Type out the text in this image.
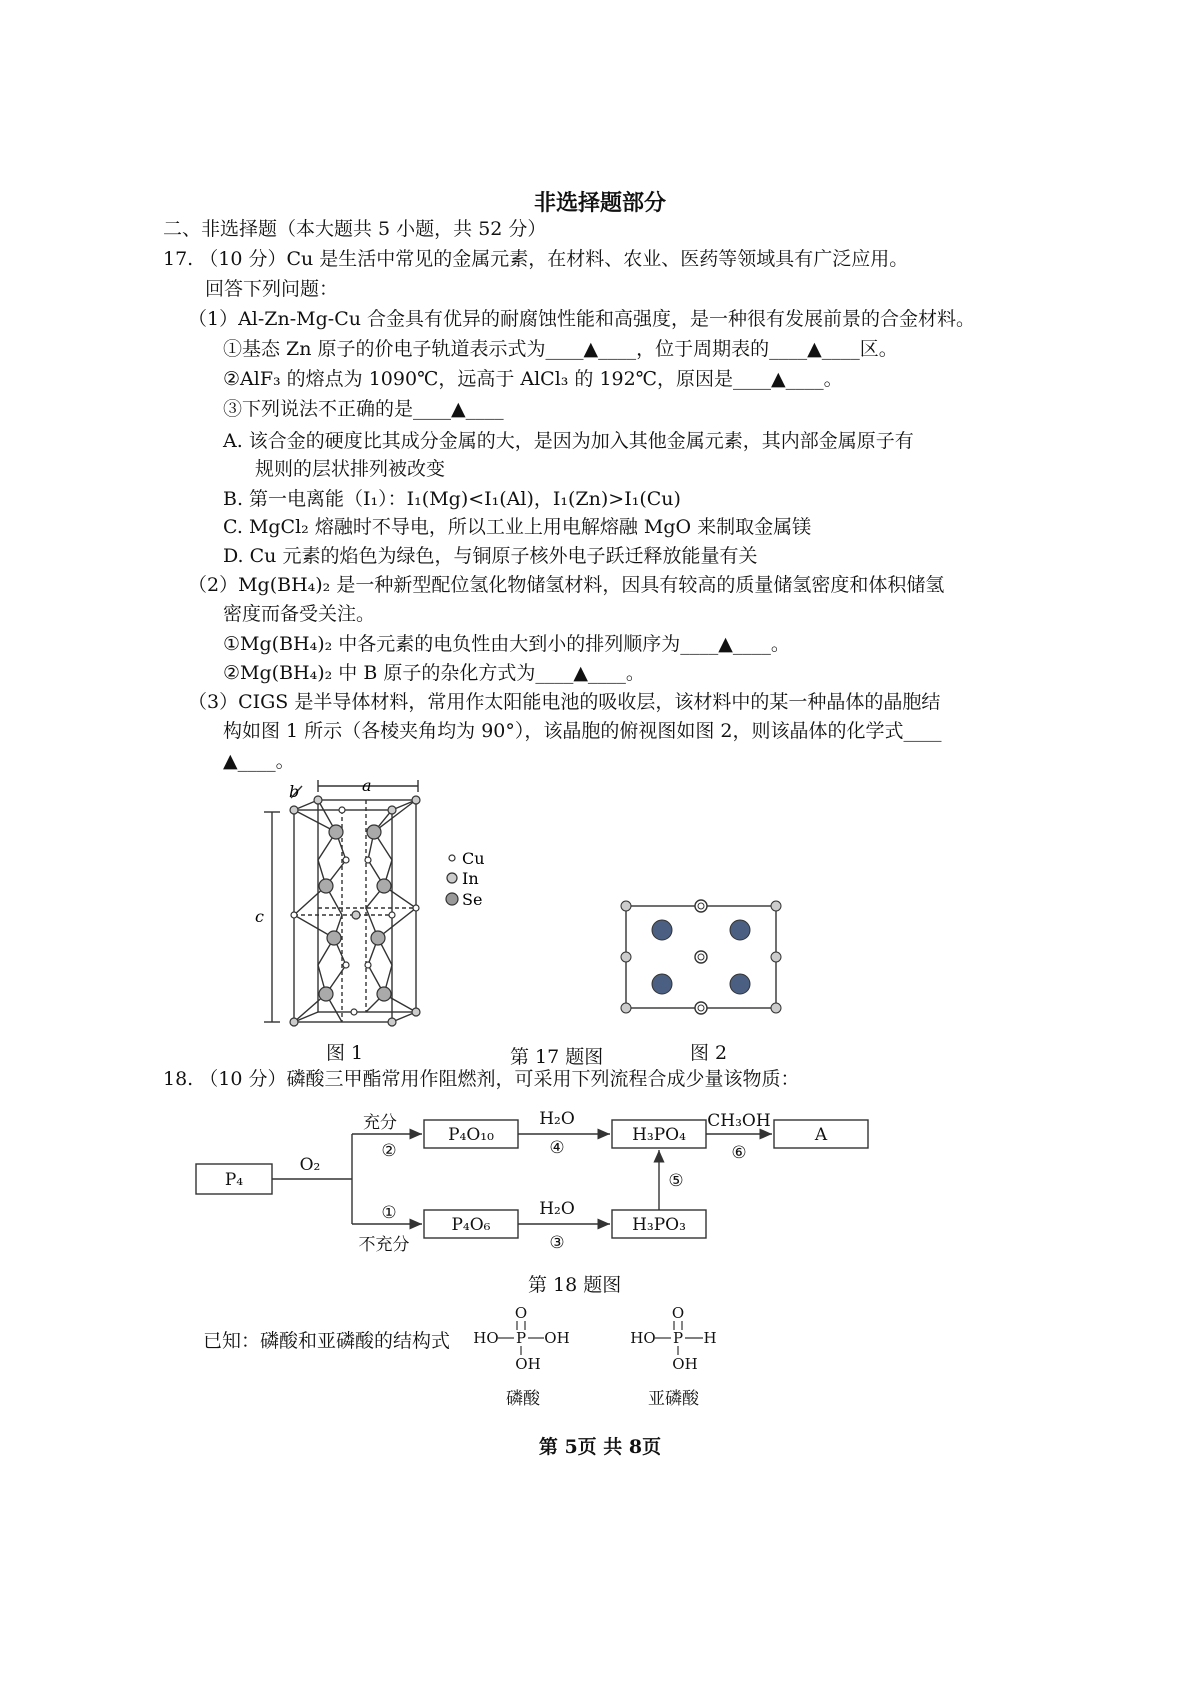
非选择题部分
二、非选择题（本大题共 5 小题，共 52 分）
17. （10 分）Cu 是生活中常见的金属元素，在材料、农业、医药等领域具有广泛应用。
回答下列问题：
（1）Al-Zn-Mg-Cu 合金具有优异的耐腐蚀性能和高强度，是一种很有发展前景的合金材料。
①基态 Zn 原子的价电子轨道表示式为____▲____，位于周期表的____▲____区。
②AlF₃ 的熔点为 1090℃，远高于 AlCl₃ 的 192℃，原因是____▲____。
③下列说法不正确的是____▲____
A. 该合金的硬度比其成分金属的大，是因为加入其他金属元素，其内部金属原子有
规则的层状排列被改变
B. 第一电离能（I₁）：I₁(Mg)<I₁(Al)，I₁(Zn)>I₁(Cu)
C. MgCl₂ 熔融时不导电，所以工业上用电解熔融 MgO 来制取金属镁
D. Cu 元素的焰色为绿色，与铜原子核外电子跃迁释放能量有关
（2）Mg(BH₄)₂ 是一种新型配位氢化物储氢材料，因具有较高的质量储氢密度和体积储氢
密度而备受关注。
①Mg(BH₄)₂ 中各元素的电负性由大到小的排列顺序为____▲____。
②Mg(BH₄)₂ 中 B 原子的杂化方式为____▲____。
（3）CIGS 是半导体材料，常用作太阳能电池的吸收层，该材料中的某一种晶体的晶胞结
构如图 1 所示（各棱夹角均为 90°），该晶胞的俯视图如图 2，则该晶体的化学式____
▲____。
a
b
c
Cu
In
Se
图 1	第 17 题图	图 2
18. （10 分）磷酸三甲酯常用作阻燃剂，可采用下列流程合成少量该物质：
P₄
P₄O₁₀	H₃PO₄	A
P₄O₆	H₃PO₃
O₂
充分
②
①
不充分
H₂O
④
CH₃OH
⑥
H₂O
③
⑤
第 18 题图
已知：磷酸和亚磷酸的结构式
O
P
HO	OH
OH
O
P
HO	H
OH
磷酸	亚磷酸
第 5页 共 8页
